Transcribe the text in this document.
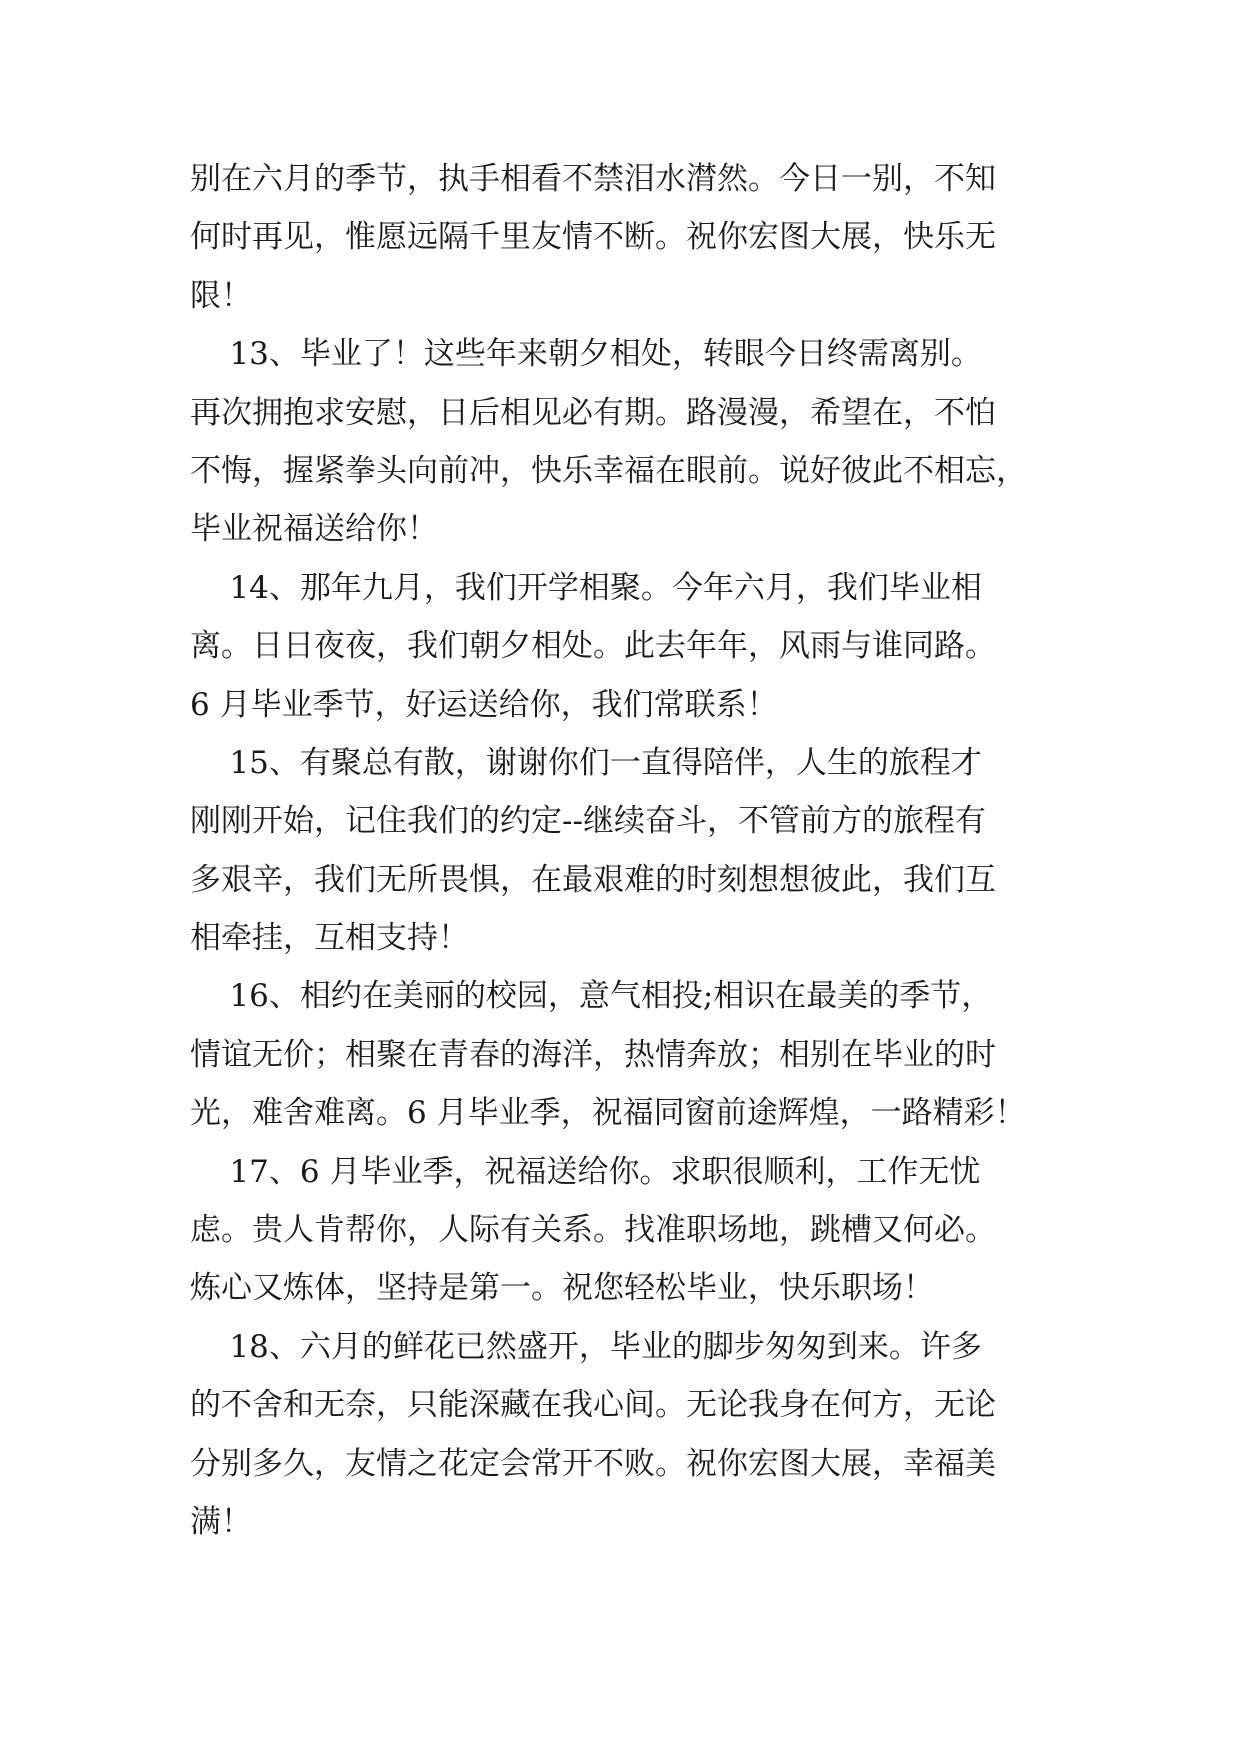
别在六月的季节，执手相看不禁泪水潸然。今日一别，不知
何时再见，惟愿远隔千里友情不断。祝你宏图大展，快乐无
限！
13、毕业了！这些年来朝夕相处，转眼今日终需离别。
再次拥抱求安慰，日后相见必有期。路漫漫，希望在，不怕
不悔，握紧拳头向前冲，快乐幸福在眼前。说好彼此不相忘，
毕业祝福送给你！
14、那年九月，我们开学相聚。今年六月，我们毕业相
离。日日夜夜，我们朝夕相处。此去年年，风雨与谁同路。
6 月毕业季节，好运送给你，我们常联系！
15、有聚总有散，谢谢你们一直得陪伴，人生的旅程才
刚刚开始，记住我们的约定--继续奋斗，不管前方的旅程有
多艰辛，我们无所畏惧，在最艰难的时刻想想彼此，我们互
相牵挂，互相支持！
16、相约在美丽的校园，意气相投;相识在最美的季节，
情谊无价；相聚在青春的海洋，热情奔放；相别在毕业的时
光，难舍难离。6 月毕业季，祝福同窗前途辉煌，一路精彩！
17、6 月毕业季，祝福送给你。求职很顺利，工作无忧
虑。贵人肯帮你，人际有关系。找准职场地，跳槽又何必。
炼心又炼体，坚持是第一。祝您轻松毕业，快乐职场！
18、六月的鲜花已然盛开，毕业的脚步匆匆到来。许多
的不舍和无奈，只能深藏在我心间。无论我身在何方，无论
分别多久，友情之花定会常开不败。祝你宏图大展，幸福美
满！
